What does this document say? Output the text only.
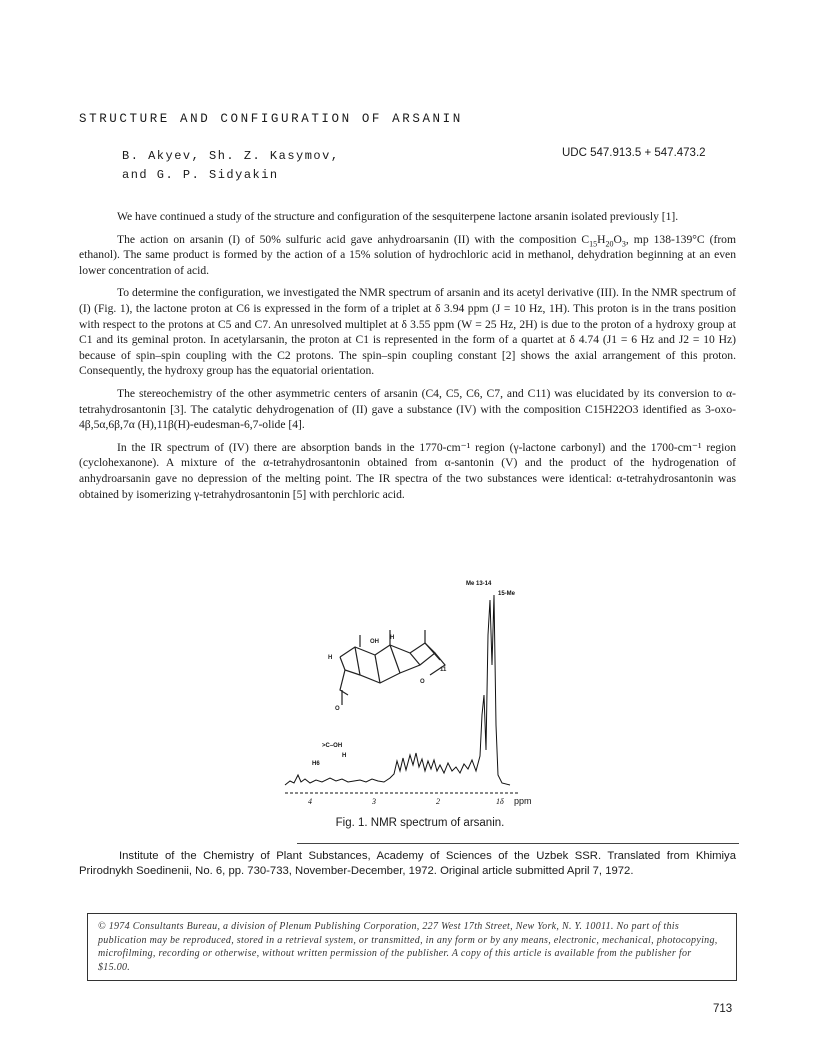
STRUCTURE AND CONFIGURATION OF ARSANIN
B. Akyev, Sh. Z. Kasymov,
and G. P. Sidyakin
UDC 547.913.5 + 547.473.2

We have continued a study of the structure and configuration of the sesquiterpene lactone arsanin isolated previously [1].

The action on arsanin (I) of 50% sulfuric acid gave anhydroarsanin (II) with the composition $C_{15}H_{20}O_3$, mp 138-139°C (from ethanol). The same product is formed by the action of a 15% solution of hydrochloric acid in methanol, dehydration beginning at an even lower concentration of acid.

To determine the configuration, we investigated the NMR spectrum of arsanin and its acetyl derivative (III). In the NMR spectrum of (I) (Fig. 1), the lactone proton at C6 is expressed in the form of a triplet at δ 3.94 ppm (J = 10 Hz, 1H). This proton is in the trans position with respect to the protons at C5 and C7. An unresolved multiplet at δ 3.55 ppm (W = 25 Hz, 2H) is due to the proton of a hydroxy group at C1 and its geminal proton. In acetylarsanin, the proton at C1 is represented in the form of a quartet at δ 4.74 (J1 = 6 Hz and J2 = 10 Hz) because of spin–spin coupling with the C2 protons. The spin–spin coupling constant [2] shows the axial arrangement of this proton. Consequently, the hydroxy group has the equatorial orientation.

The stereochemistry of the other asymmetric centers of arsanin (C4, C5, C6, C7, and C11) was elucidated by its conversion to α-tetrahydrosantonin [3]. The catalytic dehydrogenation of (II) gave a substance (IV) with the composition C15H22O3 identified as 3-oxo-4β,5α,6β,7α (H),11β(H)-eudesman-6,7-olide [4].

In the IR spectrum of (IV) there are absorption bands in the 1770-cm⁻¹ region (γ-lactone carbonyl) and the 1700-cm⁻¹ region (cyclohexanone). A mixture of the α-tetrahydrosantonin obtained from α-santonin (V) and the product of the hydrogenation of anhydroarsanin gave no depression of the melting point. The IR spectra of the two substances were identical: α-tetrahydrosantonin was obtained by isomerizing γ-tetrahydrosantonin [5] with perchloric acid.

H
OH
H
11
O
O
Me 13-14
15-Me
>C–OH
H
H6
4	3	2	1δ ppm
Fig. 1. NMR spectrum of arsanin.
Institute of the Chemistry of Plant Substances, Academy of Sciences of the Uzbek SSR. Translated from Khimiya Prirodnykh Soedinenii, No. 6, pp. 730-733, November-December, 1972. Original article submitted April 7, 1972.
© 1974 Consultants Bureau, a division of Plenum Publishing Corporation, 227 West 17th Street, New York, N. Y. 10011. No part of this publication may be reproduced, stored in a retrieval system, or transmitted, in any form or by any means, electronic, mechanical, photocopying, microfilming, recording or otherwise, without written permission of the publisher. A copy of this article is available from the publisher for $15.00.
713
